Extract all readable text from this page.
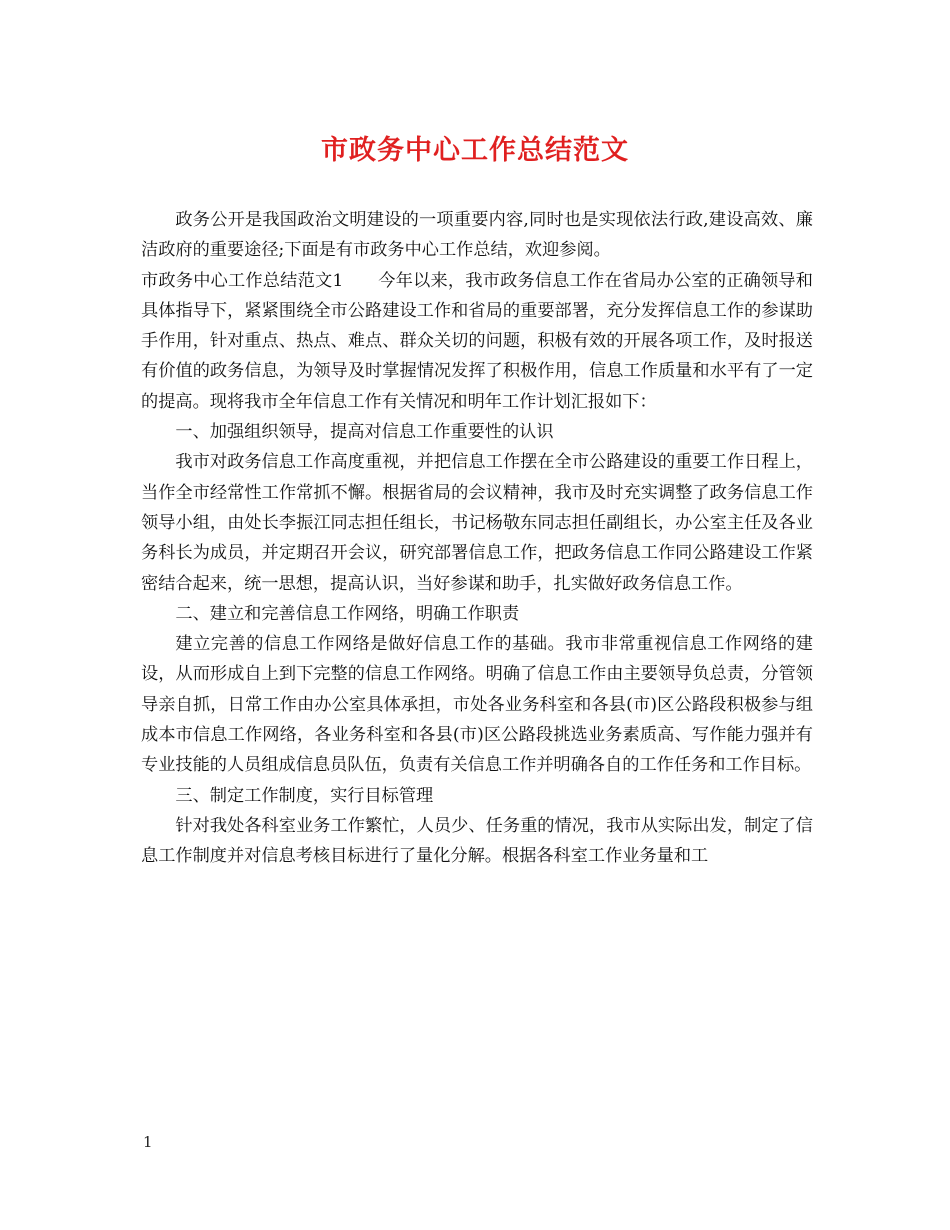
市政务中心工作总结范文

政务公开是我国政治文明建设的一项重要内容,同时也是实现依法行政,建设高效、廉洁政府的重要途径;下面是有市政务中心工作总结，欢迎参阅。

市政务中心工作总结范文1　　今年以来，我市政务信息工作在省局办公室的正确领导和具体指导下，紧紧围绕全市公路建设工作和省局的重要部署，充分发挥信息工作的参谋助手作用，针对重点、热点、难点、群众关切的问题，积极有效的开展各项工作，及时报送有价值的政务信息，为领导及时掌握情况发挥了积极作用，信息工作质量和水平有了一定的提高。现将我市全年信息工作有关情况和明年工作计划汇报如下：

一、加强组织领导，提高对信息工作重要性的认识

我市对政务信息工作高度重视，并把信息工作摆在全市公路建设的重要工作日程上，当作全市经常性工作常抓不懈。根据省局的会议精神，我市及时充实调整了政务信息工作领导小组，由处长李振江同志担任组长，书记杨敬东同志担任副组长，办公室主任及各业务科长为成员，并定期召开会议，研究部署信息工作，把政务信息工作同公路建设工作紧密结合起来，统一思想，提高认识，当好参谋和助手，扎实做好政务信息工作。

二、建立和完善信息工作网络，明确工作职责

建立完善的信息工作网络是做好信息工作的基础。我市非常重视信息工作网络的建设，从而形成自上到下完整的信息工作网络。明确了信息工作由主要领导负总责，分管领导亲自抓，日常工作由办公室具体承担，市处各业务科室和各县(市)区公路段积极参与组成本市信息工作网络，各业务科室和各县(市)区公路段挑选业务素质高、写作能力强并有专业技能的人员组成信息员队伍，负责有关信息工作并明确各自的工作任务和工作目标。

三、制定工作制度，实行目标管理

针对我处各科室业务工作繁忙，人员少、任务重的情况，我市从实际出发，制定了信息工作制度并对信息考核目标进行了量化分解。根据各科室工作业务量和工

1
